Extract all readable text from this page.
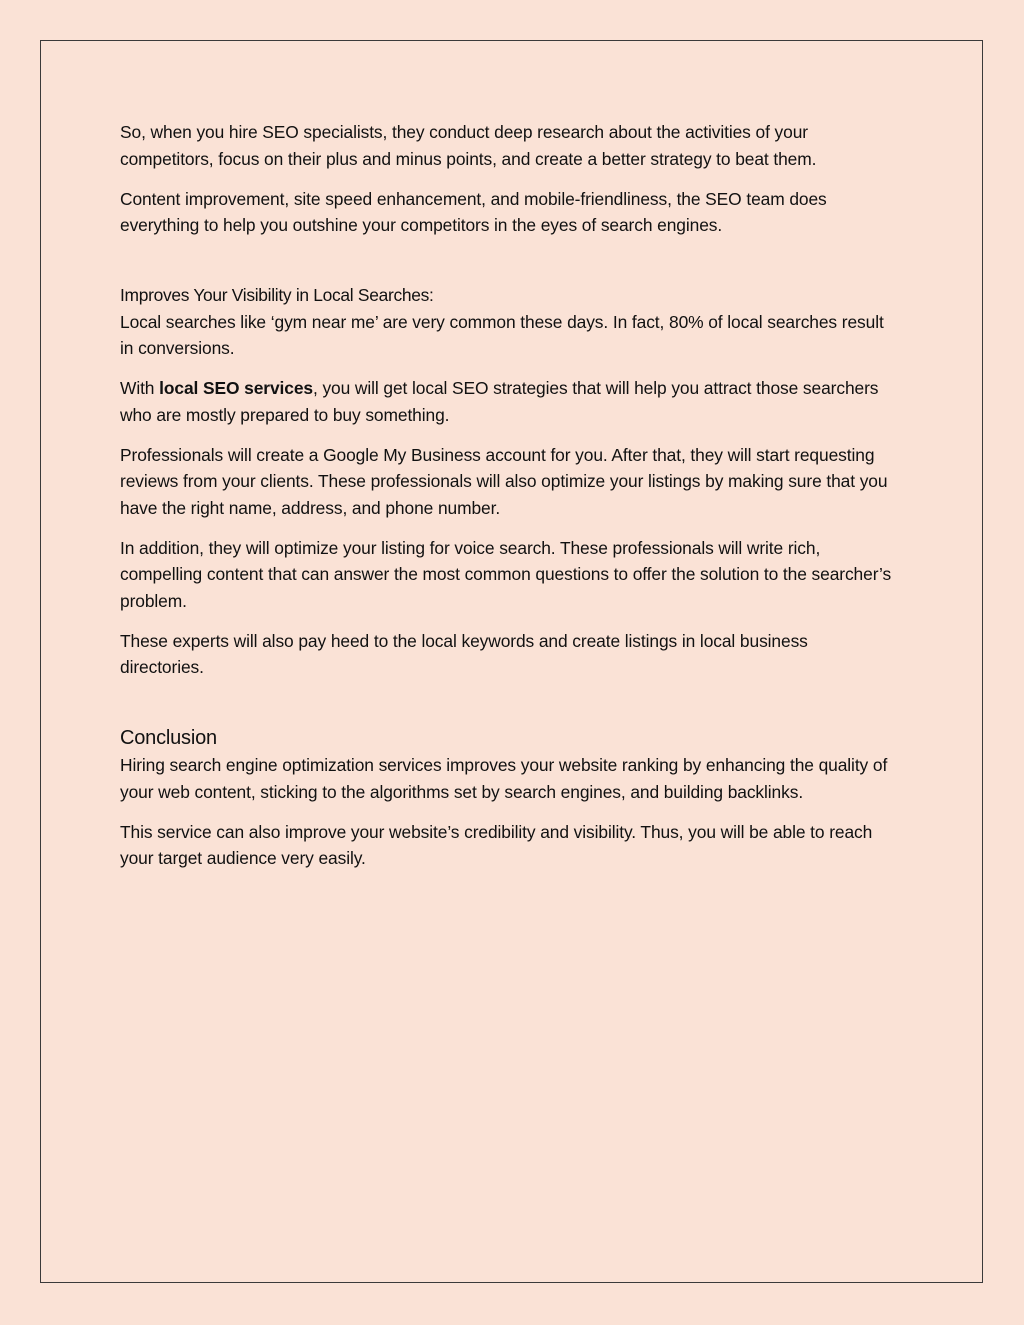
So, when you hire SEO specialists, they conduct deep research about the activities of your competitors, focus on their plus and minus points, and create a better strategy to beat them.

Content improvement, site speed enhancement, and mobile-friendliness, the SEO team does everything to help you outshine your competitors in the eyes of search engines.

Improves Your Visibility in Local Searches:

Local searches like ‘gym near me’ are very common these days. In fact, 80% of local searches result in conversions.

With local SEO services, you will get local SEO strategies that will help you attract those searchers who are mostly prepared to buy something.

Professionals will create a Google My Business account for you. After that, they will start requesting reviews from your clients. These professionals will also optimize your listings by making sure that you have the right name, address, and phone number.

In addition, they will optimize your listing for voice search. These professionals will write rich, compelling content that can answer the most common questions to offer the solution to the searcher’s problem.

These experts will also pay heed to the local keywords and create listings in local business directories.

Conclusion

Hiring search engine optimization services improves your website ranking by enhancing the quality of your web content, sticking to the algorithms set by search engines, and building backlinks.

This service can also improve your website’s credibility and visibility. Thus, you will be able to reach your target audience very easily.
